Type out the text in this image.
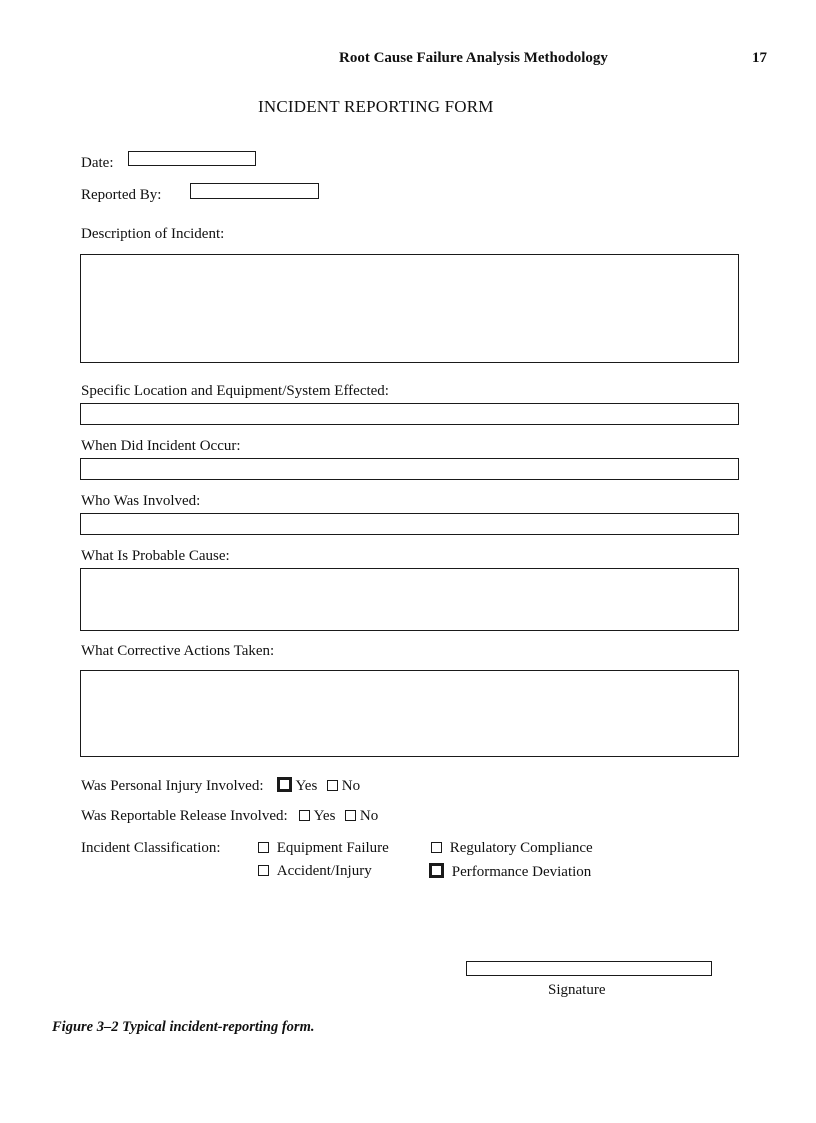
Root Cause Failure Analysis Methodology	17
INCIDENT REPORTING FORM
Date:
Reported By:
Description of Incident:
Specific Location and Equipment/System Effected:
When Did Incident Occur:
Who Was Involved:
What Is Probable Cause:
What Corrective Actions Taken:
Was Personal Injury Involved: Yes No
Was Reportable Release Involved: Yes No
Incident Classification:	Equipment Failure	Regulatory Compliance
Accident/Injury	Performance Deviation
Signature
Figure 3–2 Typical incident-reporting form.
